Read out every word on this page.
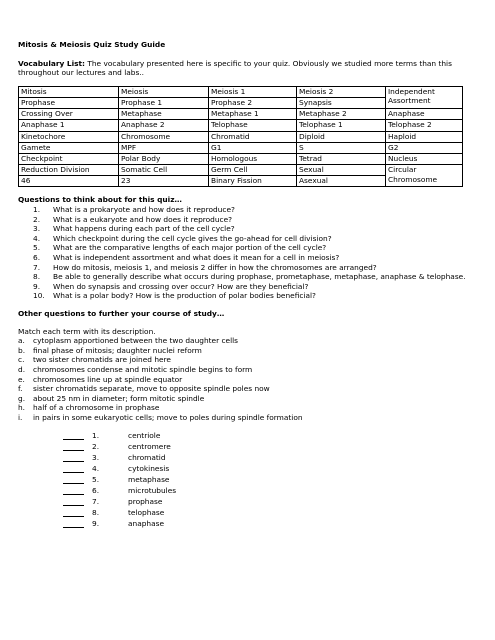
Mitosis & Meiosis Quiz Study Guide
Vocabulary List: The vocabulary presented here is specific to your quiz. Obviously we studied more terms than this throughout our lectures and labs..
Mitosis	Meiosis	Meiosis 1	Meiosis 2	Independent Assortment
Prophase	Prophase 1	Prophase 2	Synapsis	
Crossing Over	Metaphase	Metaphase 1	Metaphase 2	Anaphase
Anaphase 1	Anaphase 2	Telophase	Telophase 1	Telophase 2
Kinetochore	Chromosome	Chromatid	Diploid	Haploid
Gamete	MPF	G1	S	G2
Checkpoint	Polar Body	Homologous	Tetrad	Nucleus
Reduction Division	Somatic Cell	Germ Cell	Sexual	Circular Chromosome
46	23	Binary Fission	Asexual	
Questions to think about for this quiz…
1. What is a prokaryote and how does it reproduce?
2. What is a eukaryote and how does it reproduce?
3. What happens during each part of the cell cycle?
4. Which checkpoint during the cell cycle gives the go-ahead for cell division?
5. What are the comparative lengths of each major portion of the cell cycle?
6. What is independent assortment and what does it mean for a cell in meiosis?
7. How do mitosis, meiosis 1, and meiosis 2 differ in how the chromosomes are arranged?
8. Be able to generally describe what occurs during prophase, prometaphase, metaphase, anaphase & telophase.
9. When do synapsis and crossing over occur? How are they beneficial?
10. What is a polar body? How is the production of polar bodies beneficial?
Other questions to further your course of study…
Match each term with its description.
a. cytoplasm apportioned between the two daughter cells
b. final phase of mitosis; daughter nuclei reform
c. two sister chromatids are joined here
d. chromosomes condense and mitotic spindle begins to form
e. chromosomes line up at spindle equator
f. sister chromatids separate, move to opposite spindle poles now
g. about 25 nm in diameter; form mitotic spindle
h. half of a chromosome in prophase
i. in pairs in some eukaryotic cells; move to poles during spindle formation
1.	centriole
2.	centromere
3.	chromatid
4.	cytokinesis
5.	metaphase
6.	microtubules
7.	prophase
8.	telophase
9.	anaphase
